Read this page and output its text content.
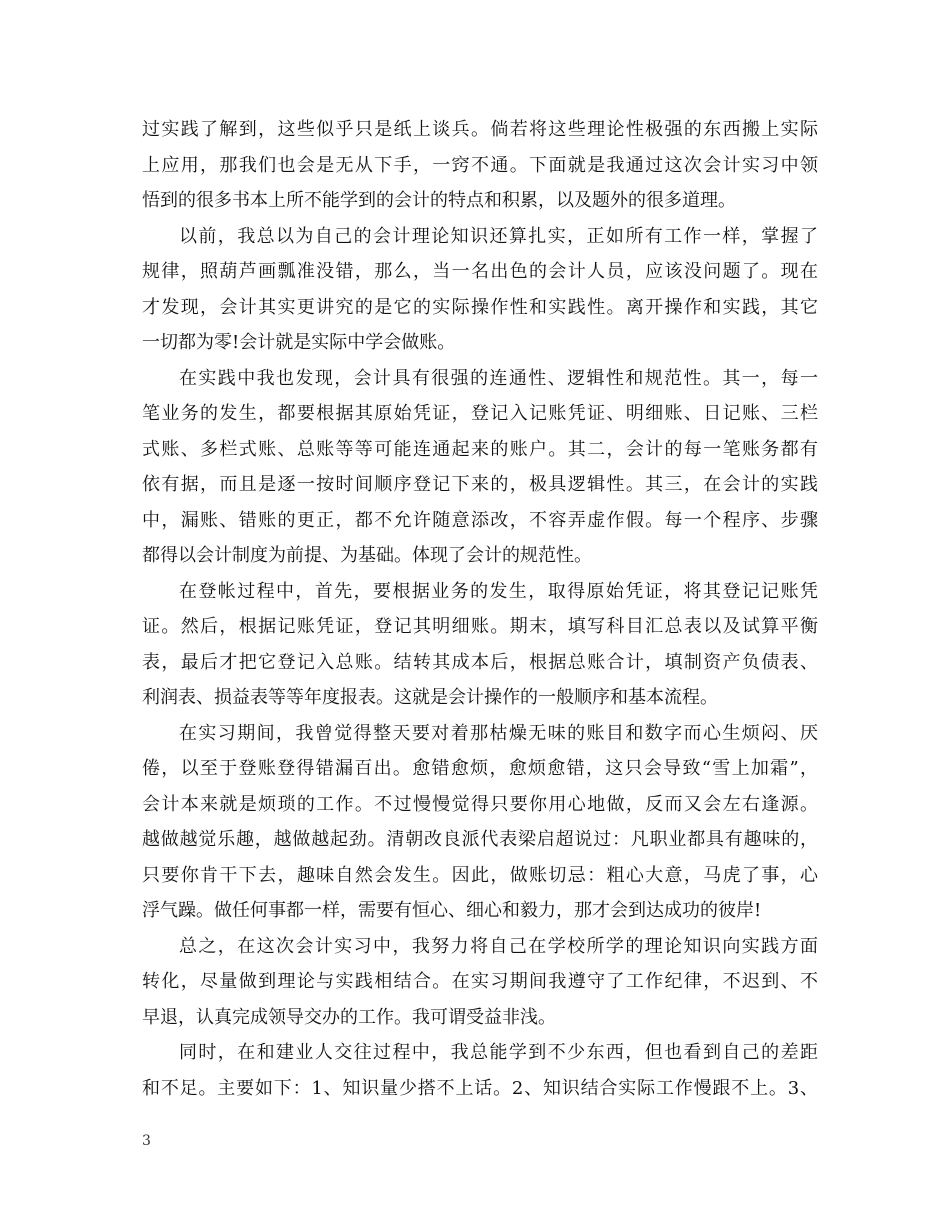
过实践了解到，这些似乎只是纸上谈兵。倘若将这些理论性极强的东西搬上实际
上应用，那我们也会是无从下手，一窍不通。下面就是我通过这次会计实习中领
悟到的很多书本上所不能学到的会计的特点和积累，以及题外的很多道理。
以前，我总以为自己的会计理论知识还算扎实，正如所有工作一样，掌握了
规律，照葫芦画瓢准没错，那么，当一名出色的会计人员，应该没问题了。现在
才发现，会计其实更讲究的是它的实际操作性和实践性。离开操作和实践，其它
一切都为零!会计就是实际中学会做账。
在实践中我也发现，会计具有很强的连通性、逻辑性和规范性。其一，每一
笔业务的发生，都要根据其原始凭证，登记入记账凭证、明细账、日记账、三栏
式账、多栏式账、总账等等可能连通起来的账户。其二，会计的每一笔账务都有
依有据，而且是逐一按时间顺序登记下来的，极具逻辑性。其三，在会计的实践
中，漏账、错账的更正，都不允许随意添改，不容弄虚作假。每一个程序、步骤
都得以会计制度为前提、为基础。体现了会计的规范性。
在登帐过程中，首先，要根据业务的发生，取得原始凭证，将其登记记账凭
证。然后，根据记账凭证，登记其明细账。期末，填写科目汇总表以及试算平衡
表，最后才把它登记入总账。结转其成本后，根据总账合计，填制资产负债表、
利润表、损益表等等年度报表。这就是会计操作的一般顺序和基本流程。
在实习期间，我曾觉得整天要对着那枯燥无味的账目和数字而心生烦闷、厌
倦，以至于登账登得错漏百出。愈错愈烦，愈烦愈错，这只会导致“雪上加霜”，
会计本来就是烦琐的工作。不过慢慢觉得只要你用心地做，反而又会左右逢源。
越做越觉乐趣，越做越起劲。清朝改良派代表梁启超说过：凡职业都具有趣味的，
只要你肯干下去，趣味自然会发生。因此，做账切忌：粗心大意，马虎了事，心
浮气躁。做任何事都一样，需要有恒心、细心和毅力，那才会到达成功的彼岸!
总之，在这次会计实习中，我努力将自己在学校所学的理论知识向实践方面
转化，尽量做到理论与实践相结合。在实习期间我遵守了工作纪律，不迟到、不
早退，认真完成领导交办的工作。我可谓受益非浅。
同时，在和建业人交往过程中，我总能学到不少东西，但也看到自己的差距
和不足。主要如下：1、知识量少搭不上话。2、知识结合实际工作慢跟不上。3、
3
